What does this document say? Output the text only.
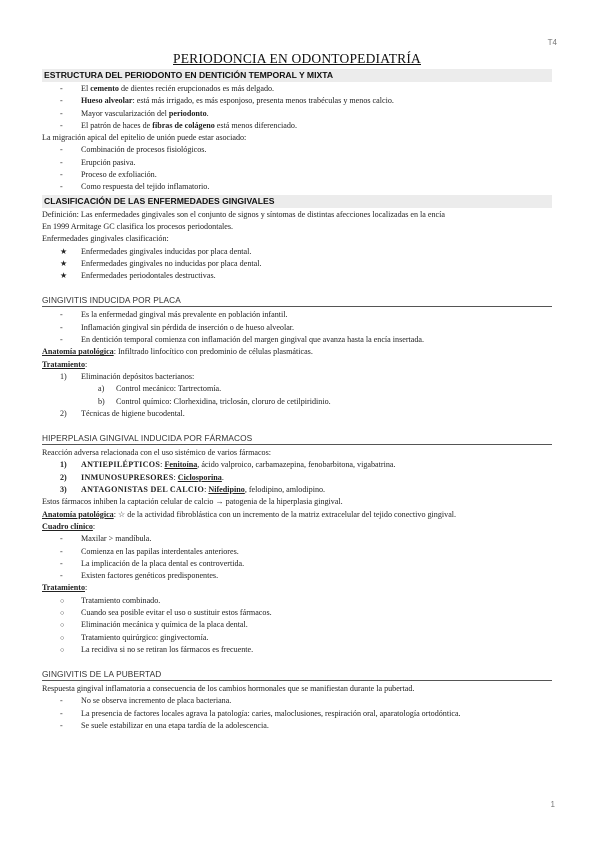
T4
PERIODONCIA EN ODONTOPEDIATRÍA
ESTRUCTURA DEL PERIODONTO EN DENTICIÓN TEMPORAL Y MIXTA
- El cemento de dientes recién erupcionados es más delgado.
- Hueso alveolar: está más irrigado, es más esponjoso, presenta menos trabéculas y menos calcio.
- Mayor vascularización del periodonto.
- El patrón de haces de fibras de colágeno está menos diferenciado.

La migración apical del epitelio de unión puede estar asociado:

- Combinación de procesos fisiológicos.
- Erupción pasiva.
- Proceso de exfoliación.
- Como respuesta del tejido inflamatorio.
CLASIFICACIÓN DE LAS ENFERMEDADES GINGIVALES

Definición: Las enfermedades gingivales son el conjunto de signos y síntomas de distintas afecciones localizadas en la encía

En 1999 Armitage GC clasifica los procesos periodontales.

Enfermedades gingivales clasificación:

★ Enfermedades gingivales inducidas por placa dental.
★ Enfermedades gingivales no inducidas por placa dental.
★ Enfermedades periodontales destructivas.
GINGIVITIS INDUCIDA POR PLACA
- Es la enfermedad gingival más prevalente en población infantil.
- Inflamación gingival sin pérdida de inserción o de hueso alveolar.
- En dentición temporal comienza con inflamación del margen gingival que avanza hasta la encía insertada.

Anatomía patológica: Infiltrado linfocítico con predominio de células plasmáticas.

Tratamiento:

1) Eliminación depósitos bacterianos:
a) Control mecánico: Tartrectomía.
b) Control químico: Clorhexidina, triclosán, cloruro de cetilpiridinio.
2) Técnicas de higiene bucodental.
HIPERPLASIA GINGIVAL INDUCIDA POR FÁRMACOS

Reacción adversa relacionada con el uso sistémico de varios fármacos:

1) ANTIEPILÉPTICOS: Fenitoína, ácido valproico, carbamazepina, fenobarbitona, vigabatrina.
2) INMUNOSUPRESORES: Ciclosporina.
3) ANTAGONISTAS DEL CALCIO: Nifedipino, felodipino, amlodipino.

Estos fármacos inhiben la captación celular de calcio → patogenia de la hiperplasia gingival.

Anatomía patológica: ☆ de la actividad fibroblástica con un incremento de la matriz extracelular del tejido conectivo gingival.

Cuadro clínico:

- Maxilar > mandíbula.
- Comienza en las papilas interdentales anteriores.
- La implicación de la placa dental es controvertida.
- Existen factores genéticos predisponentes.

Tratamiento:

○ Tratamiento combinado.
○ Cuando sea posible evitar el uso o sustituir estos fármacos.
○ Eliminación mecánica y química de la placa dental.
○ Tratamiento quirúrgico: gingivectomía.
○ La recidiva si no se retiran los fármacos es frecuente.
GINGIVITIS DE LA PUBERTAD

Respuesta gingival inflamatoria a consecuencia de los cambios hormonales que se manifiestan durante la pubertad.

- No se observa incremento de placa bacteriana.
- La presencia de factores locales agrava la patología: caries, maloclusiones, respiración oral, aparatología ortodóntica.
- Se suele estabilizar en una etapa tardía de la adolescencia.
1
